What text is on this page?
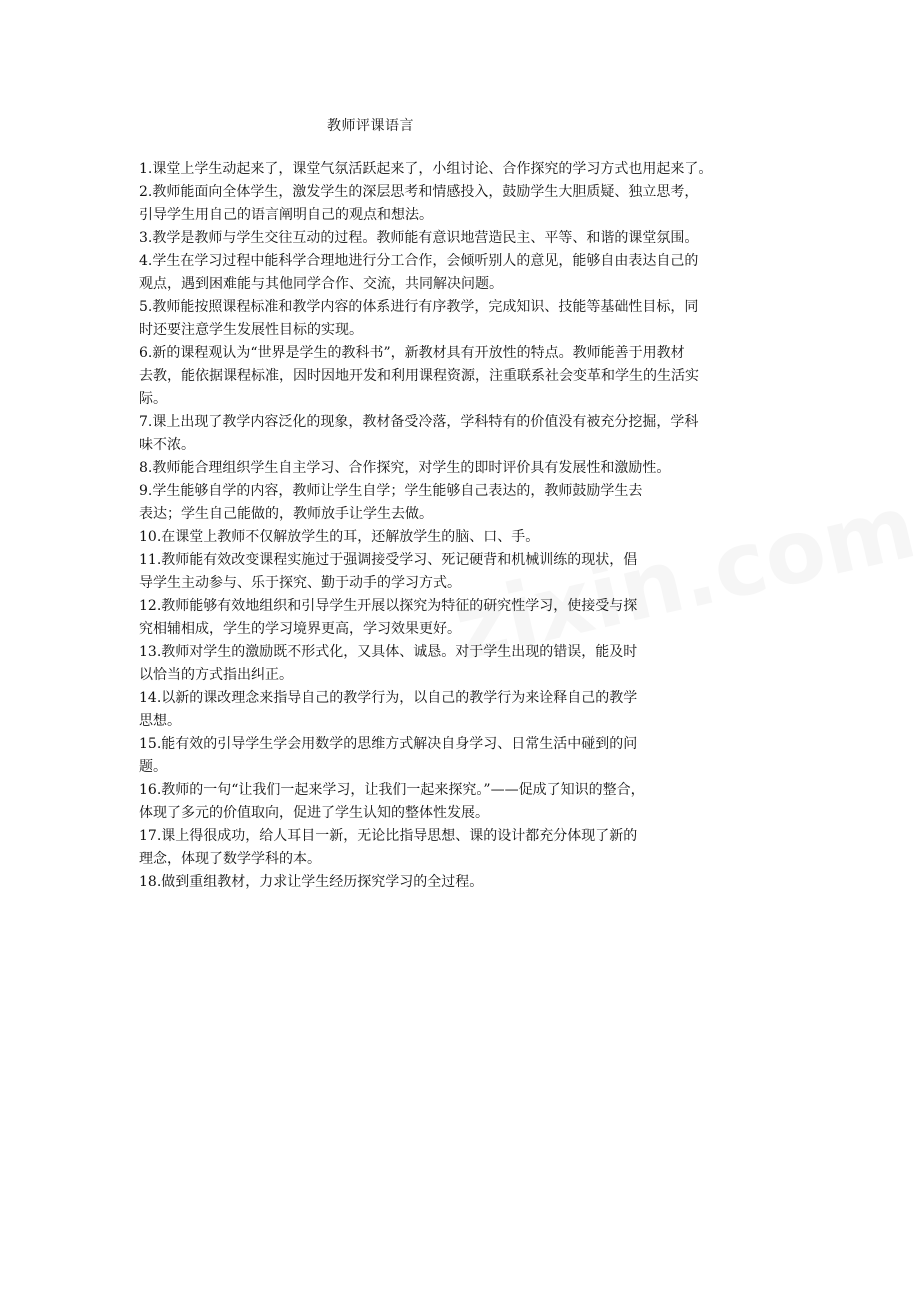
教师评课语言
1.课堂上学生动起来了，课堂气氛活跃起来了，小组讨论、合作探究的学习方式也用起来了。
2.教师能面向全体学生，激发学生的深层思考和情感投入，鼓励学生大胆质疑、独立思考，
引导学生用自己的语言阐明自己的观点和想法。
3.教学是教师与学生交往互动的过程。教师能有意识地营造民主、平等、和谐的课堂氛围。
4.学生在学习过程中能科学合理地进行分工合作，会倾听别人的意见，能够自由表达自己的
观点，遇到困难能与其他同学合作、交流，共同解决问题。
5.教师能按照课程标准和教学内容的体系进行有序教学，完成知识、技能等基础性目标，同
时还要注意学生发展性目标的实现。
6.新的课程观认为“世界是学生的教科书”，新教材具有开放性的特点。教师能善于用教材
去教，能依据课程标准，因时因地开发和利用课程资源，注重联系社会变革和学生的生活实
际。
7.课上出现了教学内容泛化的现象，教材备受冷落，学科特有的价值没有被充分挖掘，学科
味不浓。
8.教师能合理组织学生自主学习、合作探究，对学生的即时评价具有发展性和激励性。
9.学生能够自学的内容，教师让学生自学；学生能够自己表达的，教师鼓励学生去
表达；学生自己能做的，教师放手让学生去做。
10.在课堂上教师不仅解放学生的耳，还解放学生的脑、口、手。
11.教师能有效改变课程实施过于强调接受学习、死记硬背和机械训练的现状，倡
导学生主动参与、乐于探究、勤于动手的学习方式。
12.教师能够有效地组织和引导学生开展以探究为特征的研究性学习，使接受与探
究相辅相成，学生的学习境界更高，学习效果更好。
13.教师对学生的激励既不形式化，又具体、诚恳。对于学生出现的错误，能及时
以恰当的方式指出纠正。
14.以新的课改理念来指导自己的教学行为，以自己的教学行为来诠释自己的教学
思想。
15.能有效的引导学生学会用数学的思维方式解决自身学习、日常生活中碰到的问
题。
16.教师的一句“让我们一起来学习，让我们一起来探究。”——促成了知识的整合，
体现了多元的价值取向，促进了学生认知的整体性发展。
17.课上得很成功，给人耳目一新，无论比指导思想、课的设计都充分体现了新的
理念，体现了数学学科的本。
18.做到重组教材，力求让学生经历探究学习的全过程。
